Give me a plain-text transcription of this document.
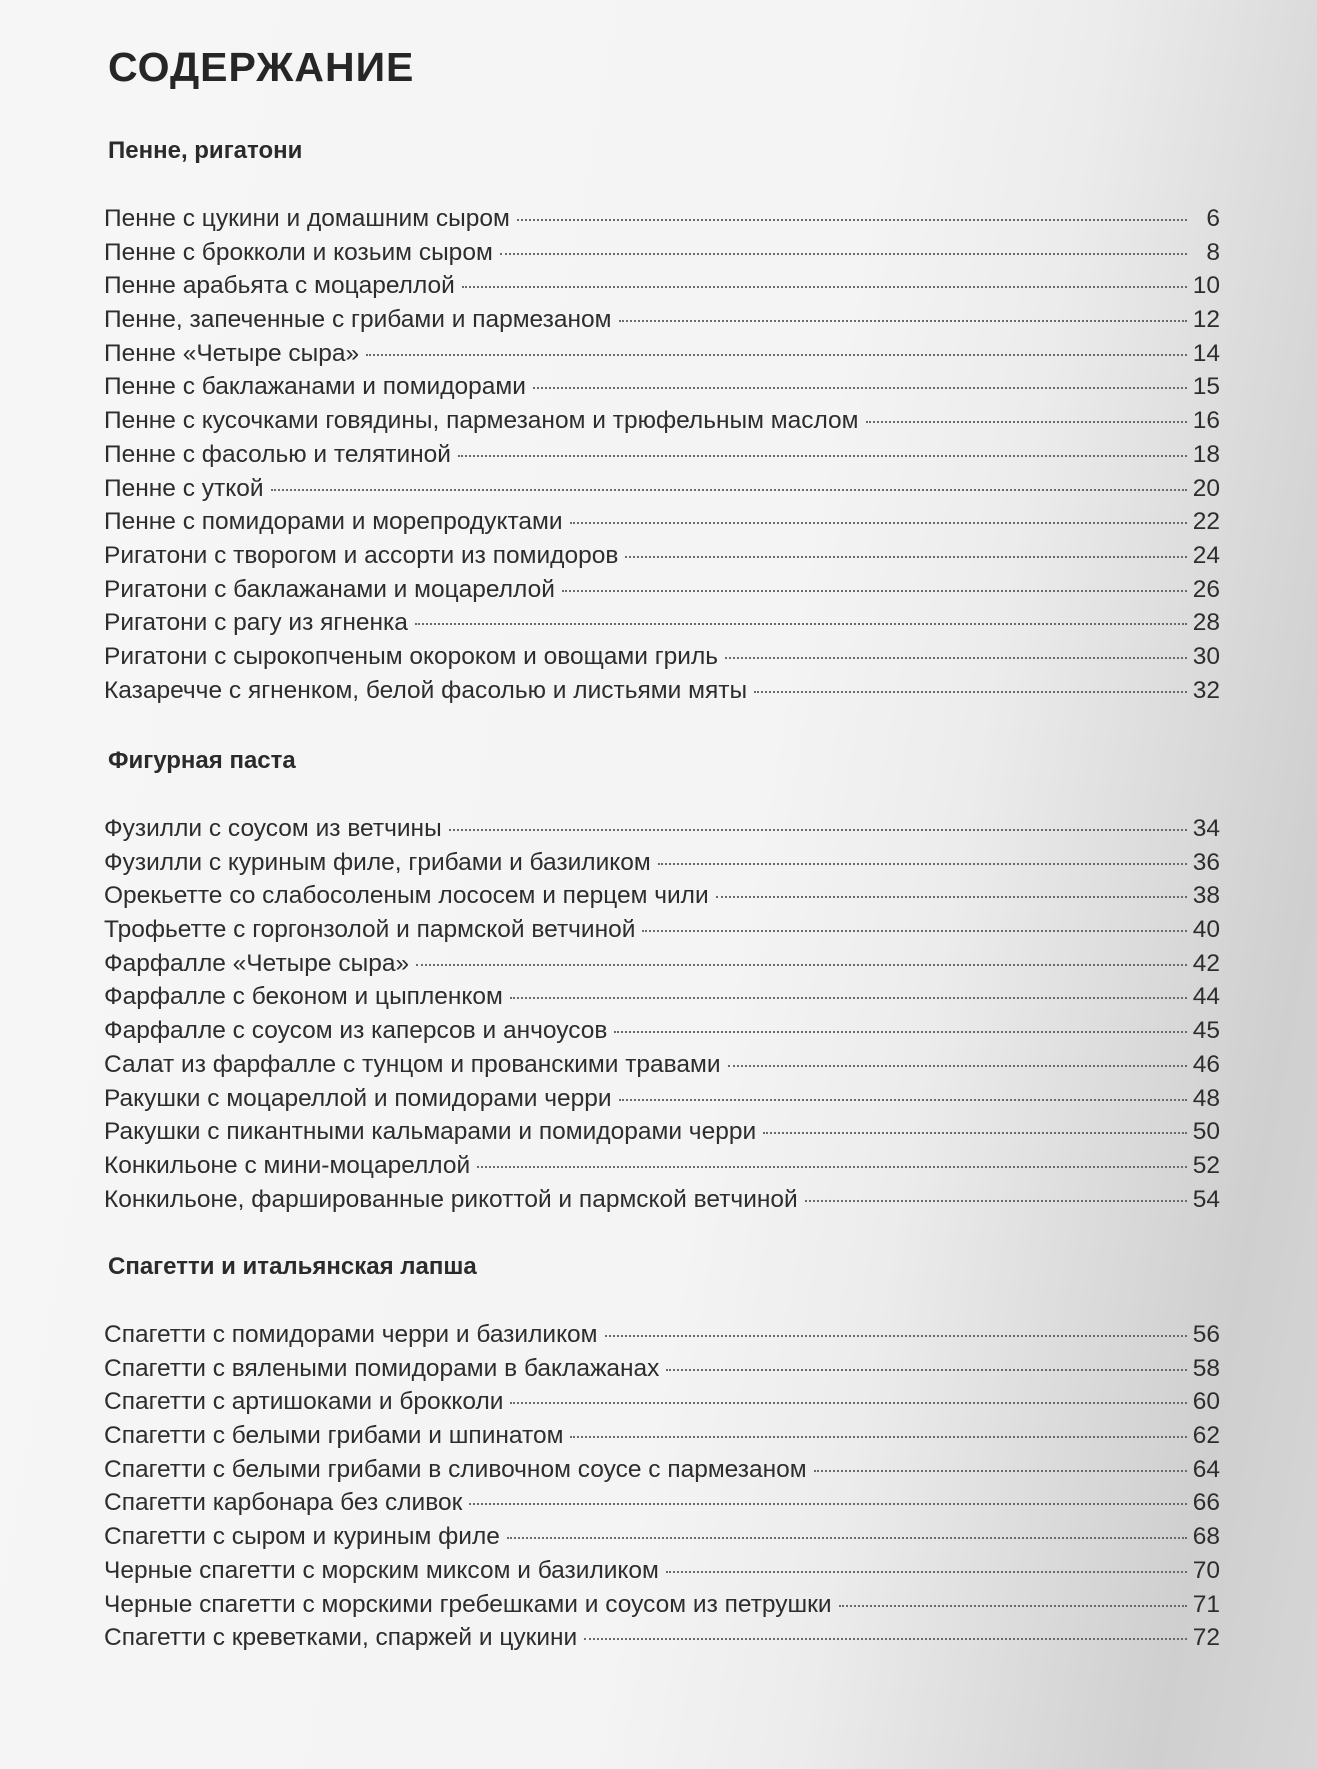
СОДЕРЖАНИЕ
Пенне, ригатони
Пенне с цукини и домашним сыром	6
Пенне с брокколи и козьим сыром	8
Пенне арабьята с моцареллой	10
Пенне, запеченные с грибами и пармезаном	12
Пенне «Четыре сыра»	14
Пенне с баклажанами и помидорами	15
Пенне с кусочками говядины, пармезаном и трюфельным маслом	16
Пенне с фасолью и телятиной	18
Пенне с уткой	20
Пенне с помидорами и морепродуктами	22
Ригатони с творогом и ассорти из помидоров	24
Ригатони с баклажанами и моцареллой	26
Ригатони с рагу из ягненка	28
Ригатони с сырокопченым окороком и овощами гриль	30
Казаречче с ягненком, белой фасолью и листьями мяты	32
Фигурная паста
Фузилли с соусом из ветчины	34
Фузилли с куриным филе, грибами и базиликом	36
Орекьетте со слабосоленым лососем и перцем чили	38
Трофьетте с горгонзолой и пармской ветчиной	40
Фарфалле «Четыре сыра»	42
Фарфалле с беконом и цыпленком	44
Фарфалле с соусом из каперсов и анчоусов	45
Салат из фарфалле с тунцом и прованскими травами	46
Ракушки с моцареллой и помидорами черри	48
Ракушки с пикантными кальмарами и помидорами черри	50
Конкильоне с мини-моцареллой	52
Конкильоне, фаршированные рикоттой и пармской ветчиной	54
Спагетти и итальянская лапша
Спагетти с помидорами черри и базиликом	56
Спагетти с вялеными помидорами в баклажанах	58
Спагетти с артишоками и брокколи	60
Спагетти с белыми грибами и шпинатом	62
Спагетти с белыми грибами в сливочном соусе с пармезаном	64
Спагетти карбонара без сливок	66
Спагетти с сыром и куриным филе	68
Черные спагетти с морским миксом и базиликом	70
Черные спагетти с морскими гребешками и соусом из петрушки	71
Спагетти с креветками, спаржей и цукини	72
